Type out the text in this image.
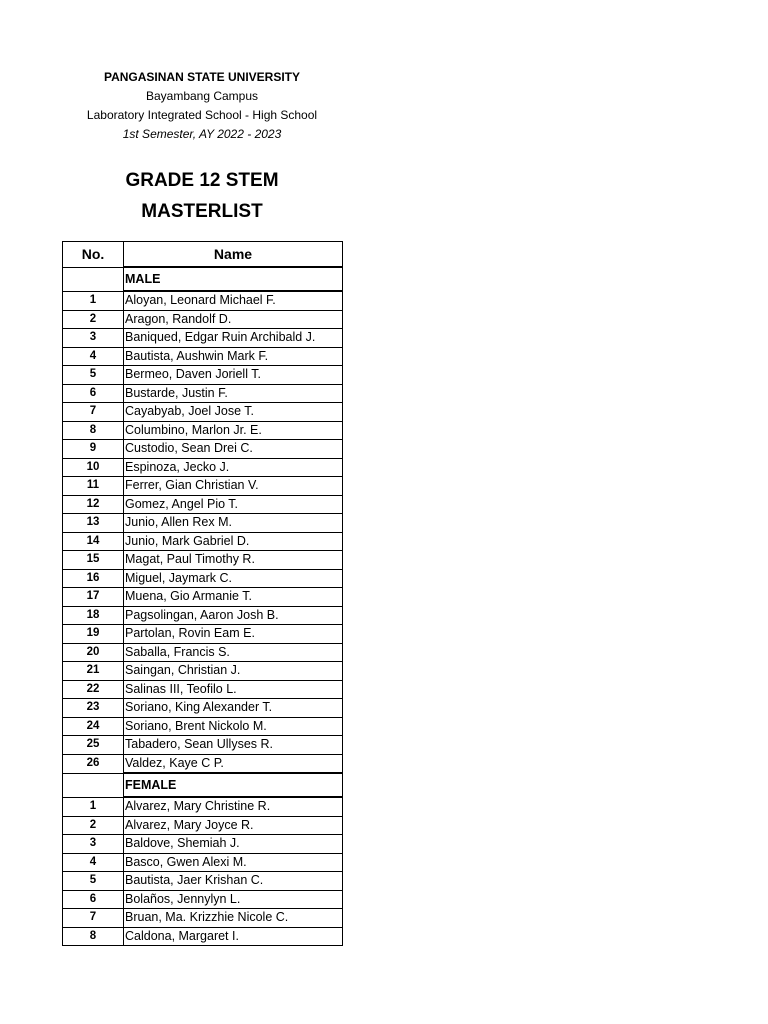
PANGASINAN STATE UNIVERSITY
Bayambang Campus
Laboratory Integrated School - High School
1st Semester, AY 2022 - 2023
GRADE 12 STEM
MASTERLIST
No.	Name
	MALE
1	Aloyan, Leonard Michael F.
2	Aragon, Randolf D.
3	Baniqued, Edgar Ruin Archibald J.
4	Bautista, Aushwin Mark F.
5	Bermeo, Daven Joriell T.
6	Bustarde, Justin F.
7	Cayabyab, Joel Jose T.
8	Columbino, Marlon Jr. E.
9	Custodio, Sean Drei C.
10	Espinoza, Jecko J.
11	Ferrer, Gian Christian V.
12	Gomez, Angel Pio T.
13	Junio, Allen Rex M.
14	Junio, Mark Gabriel D.
15	Magat, Paul Timothy R.
16	Miguel, Jaymark C.
17	Muena, Gio Armanie T.
18	Pagsolingan, Aaron Josh B.
19	Partolan, Rovin Eam E.
20	Saballa, Francis S.
21	Saingan, Christian J.
22	Salinas III, Teofilo L.
23	Soriano, King Alexander T.
24	Soriano, Brent Nickolo M.
25	Tabadero, Sean Ullyses R.
26	Valdez, Kaye C P.
	FEMALE
1	Alvarez, Mary Christine R.
2	Alvarez, Mary Joyce R.
3	Baldove, Shemiah J.
4	Basco, Gwen Alexi M.
5	Bautista, Jaer Krishan C.
6	Bolaños, Jennylyn L.
7	Bruan, Ma. Krizzhie Nicole C.
8	Caldona, Margaret I.
